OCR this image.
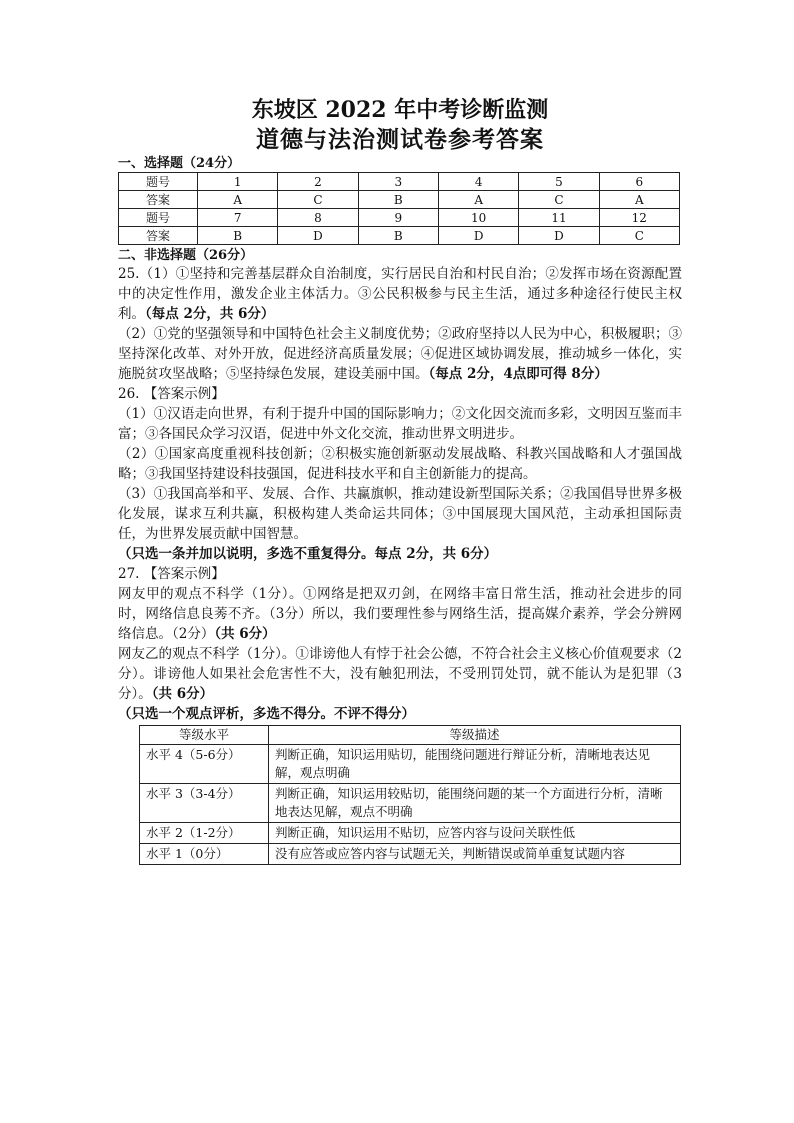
东坡区 2022 年中考诊断监测
道德与法治测试卷参考答案

一、选择题（24分）

题号	1	2	3	4	5	6
答案	A	C	B	A	C	A
题号	7	8	9	10	11	12
答案	B	D	B	D	D	C

二、非选择题（26分）

25.（1）①坚持和完善基层群众自治制度，实行居民自治和村民自治；②发挥市场在资源配置中的决定性作用，激发企业主体活力。③公民积极参与民主生活，通过多种途径行使民主权利。（每点 2分，共 6分）

（2）①党的坚强领导和中国特色社会主义制度优势；②政府坚持以人民为中心，积极履职；③坚持深化改革、对外开放，促进经济高质量发展；④促进区域协调发展，推动城乡一体化，实施脱贫攻坚战略；⑤坚持绿色发展，建设美丽中国。（每点 2分，4点即可得 8分）

26. 【答案示例】

（1）①汉语走向世界，有利于提升中国的国际影响力；②文化因交流而多彩，文明因互鉴而丰富；③各国民众学习汉语，促进中外文化交流，推动世界文明进步。

（2）①国家高度重视科技创新；②积极实施创新驱动发展战略、科教兴国战略和人才强国战略；③我国坚持建设科技强国，促进科技水平和自主创新能力的提高。

（3）①我国高举和平、发展、合作、共赢旗帜，推动建设新型国际关系；②我国倡导世界多极化发展，谋求互利共赢，积极构建人类命运共同体；③中国展现大国风范，主动承担国际责任，为世界发展贡献中国智慧。

（只选一条并加以说明，多选不重复得分。每点 2分，共 6分）

27. 【答案示例】

网友甲的观点不科学（1分）。①网络是把双刃剑，在网络丰富日常生活，推动社会进步的同时，网络信息良莠不齐。（3分）所以，我们要理性参与网络生活，提高媒介素养，学会分辨网络信息。（2分）（共 6分）

网友乙的观点不科学（1分）。①诽谤他人有悖于社会公德，不符合社会主义核心价值观要求（2分）。诽谤他人如果社会危害性不大，没有触犯刑法，不受刑罚处罚，就不能认为是犯罪（3分）。（共 6分）

（只选一个观点评析，多选不得分。不评不得分）

等级水平	等级描述
水平 4（5-6分）	判断正确，知识运用贴切，能围绕问题进行辩证分析，清晰地表达见解，观点明确
水平 3（3-4分）	判断正确，知识运用较贴切，能围绕问题的某一个方面进行分析，清晰地表达见解，观点不明确
水平 2（1-2分）	判断正确，知识运用不贴切，应答内容与设问关联性低
水平 1（0分）	没有应答或应答内容与试题无关，判断错误或简单重复试题内容
